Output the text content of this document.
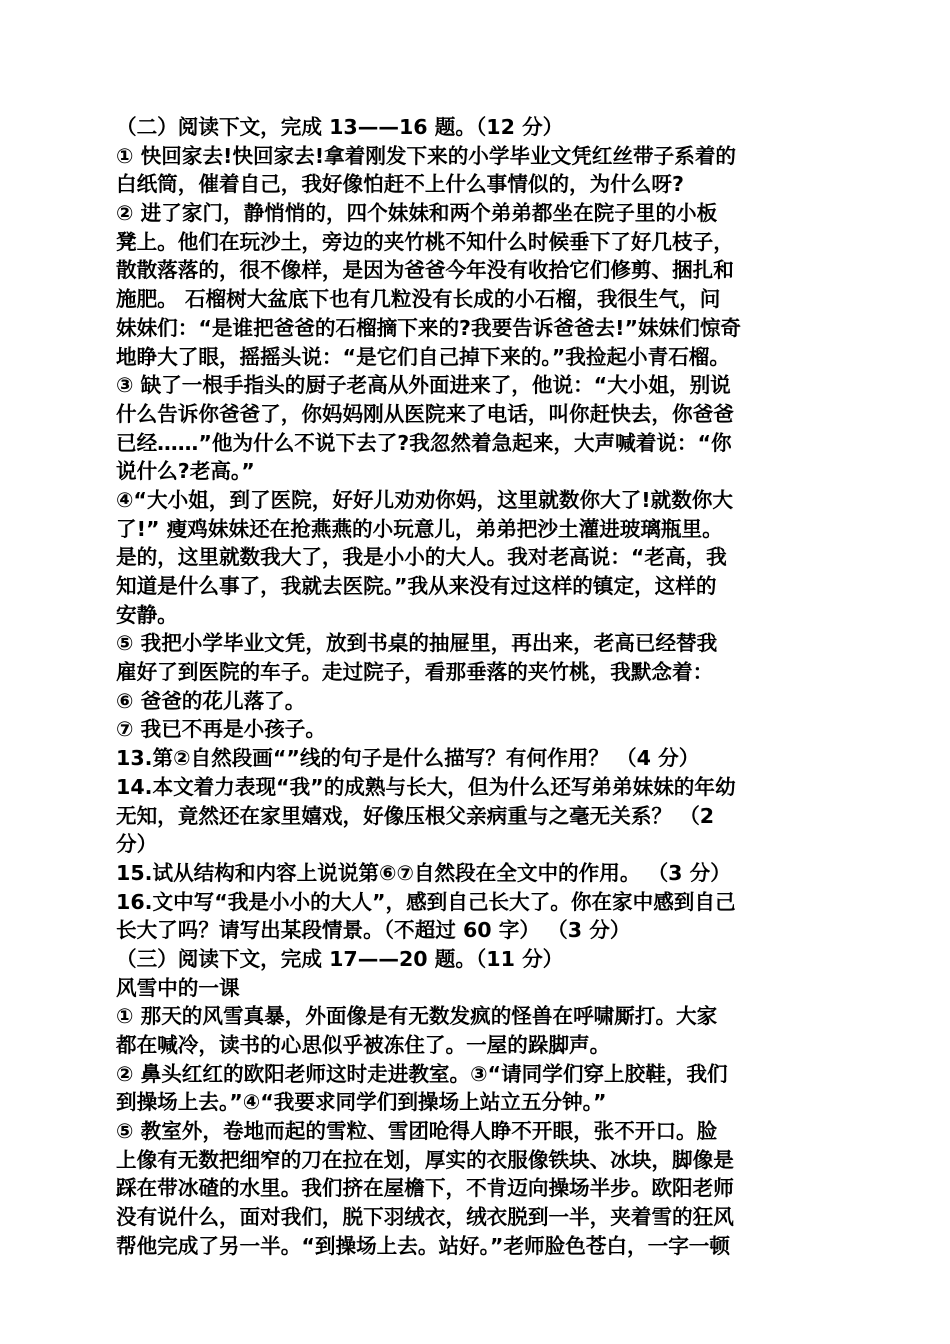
（二）阅读下文，完成 13——16 题。（12 分）
① 快回家去!快回家去!拿着刚发下来的小学毕业文凭红丝带子系着的
白纸筒，催着自己，我好像怕赶不上什么事情似的，为什么呀?
② 进了家门，静悄悄的，四个妹妹和两个弟弟都坐在院子里的小板
凳上。他们在玩沙土，旁边的夹竹桃不知什么时候垂下了好几枝子，
散散落落的，很不像样，是因为爸爸今年没有收拾它们修剪、捆扎和
施肥。 石榴树大盆底下也有几粒没有长成的小石榴，我很生气，问
妹妹们：“是谁把爸爸的石榴摘下来的?我要告诉爸爸去!”妹妹们惊奇
地睁大了眼，摇摇头说：“是它们自己掉下来的。”我捡起小青石榴。
③ 缺了一根手指头的厨子老高从外面进来了，他说：“大小姐，别说
什么告诉你爸爸了，你妈妈刚从医院来了电话，叫你赶快去，你爸爸
已经……”他为什么不说下去了?我忽然着急起来，大声喊着说：“你
说什么?老高。”
④“大小姐，到了医院，好好儿劝劝你妈，这里就数你大了!就数你大
了!” 瘦鸡妹妹还在抢燕燕的小玩意儿，弟弟把沙土灌进玻璃瓶里。
是的，这里就数我大了，我是小小的大人。我对老高说：“老高，我
知道是什么事了，我就去医院。”我从来没有过这样的镇定，这样的
安静。
⑤ 我把小学毕业文凭，放到书桌的抽屉里，再出来，老高已经替我
雇好了到医院的车子。走过院子，看那垂落的夹竹桃，我默念着：
⑥ 爸爸的花儿落了。
⑦ 我已不再是小孩子。
13.第②自然段画“”线的句子是什么描写？有何作用？ （4 分）
14.本文着力表现“我”的成熟与长大，但为什么还写弟弟妹妹的年幼
无知，竟然还在家里嬉戏，好像压根父亲病重与之毫无关系？ （2
分）
15.试从结构和内容上说说第⑥⑦自然段在全文中的作用。 （3 分）
16.文中写“我是小小的大人”，感到自己长大了。你在家中感到自己
长大了吗？请写出某段情景。（不超过 60 字） （3 分）
（三）阅读下文，完成 17——20 题。（11 分）
风雪中的一课
① 那天的风雪真暴，外面像是有无数发疯的怪兽在呼啸厮打。大家
都在喊冷，读书的心思似乎被冻住了。一屋的跺脚声。
② 鼻头红红的欧阳老师这时走进教室。③“请同学们穿上胶鞋，我们
到操场上去。”④“我要求同学们到操场上站立五分钟。”
⑤ 教室外，卷地而起的雪粒、雪团呛得人睁不开眼，张不开口。脸
上像有无数把细窄的刀在拉在划，厚实的衣服像铁块、冰块，脚像是
踩在带冰碴的水里。我们挤在屋檐下，不肯迈向操场半步。欧阳老师
没有说什么，面对我们，脱下羽绒衣，绒衣脱到一半，夹着雪的狂风
帮他完成了另一半。“到操场上去。站好。”老师脸色苍白，一字一顿
